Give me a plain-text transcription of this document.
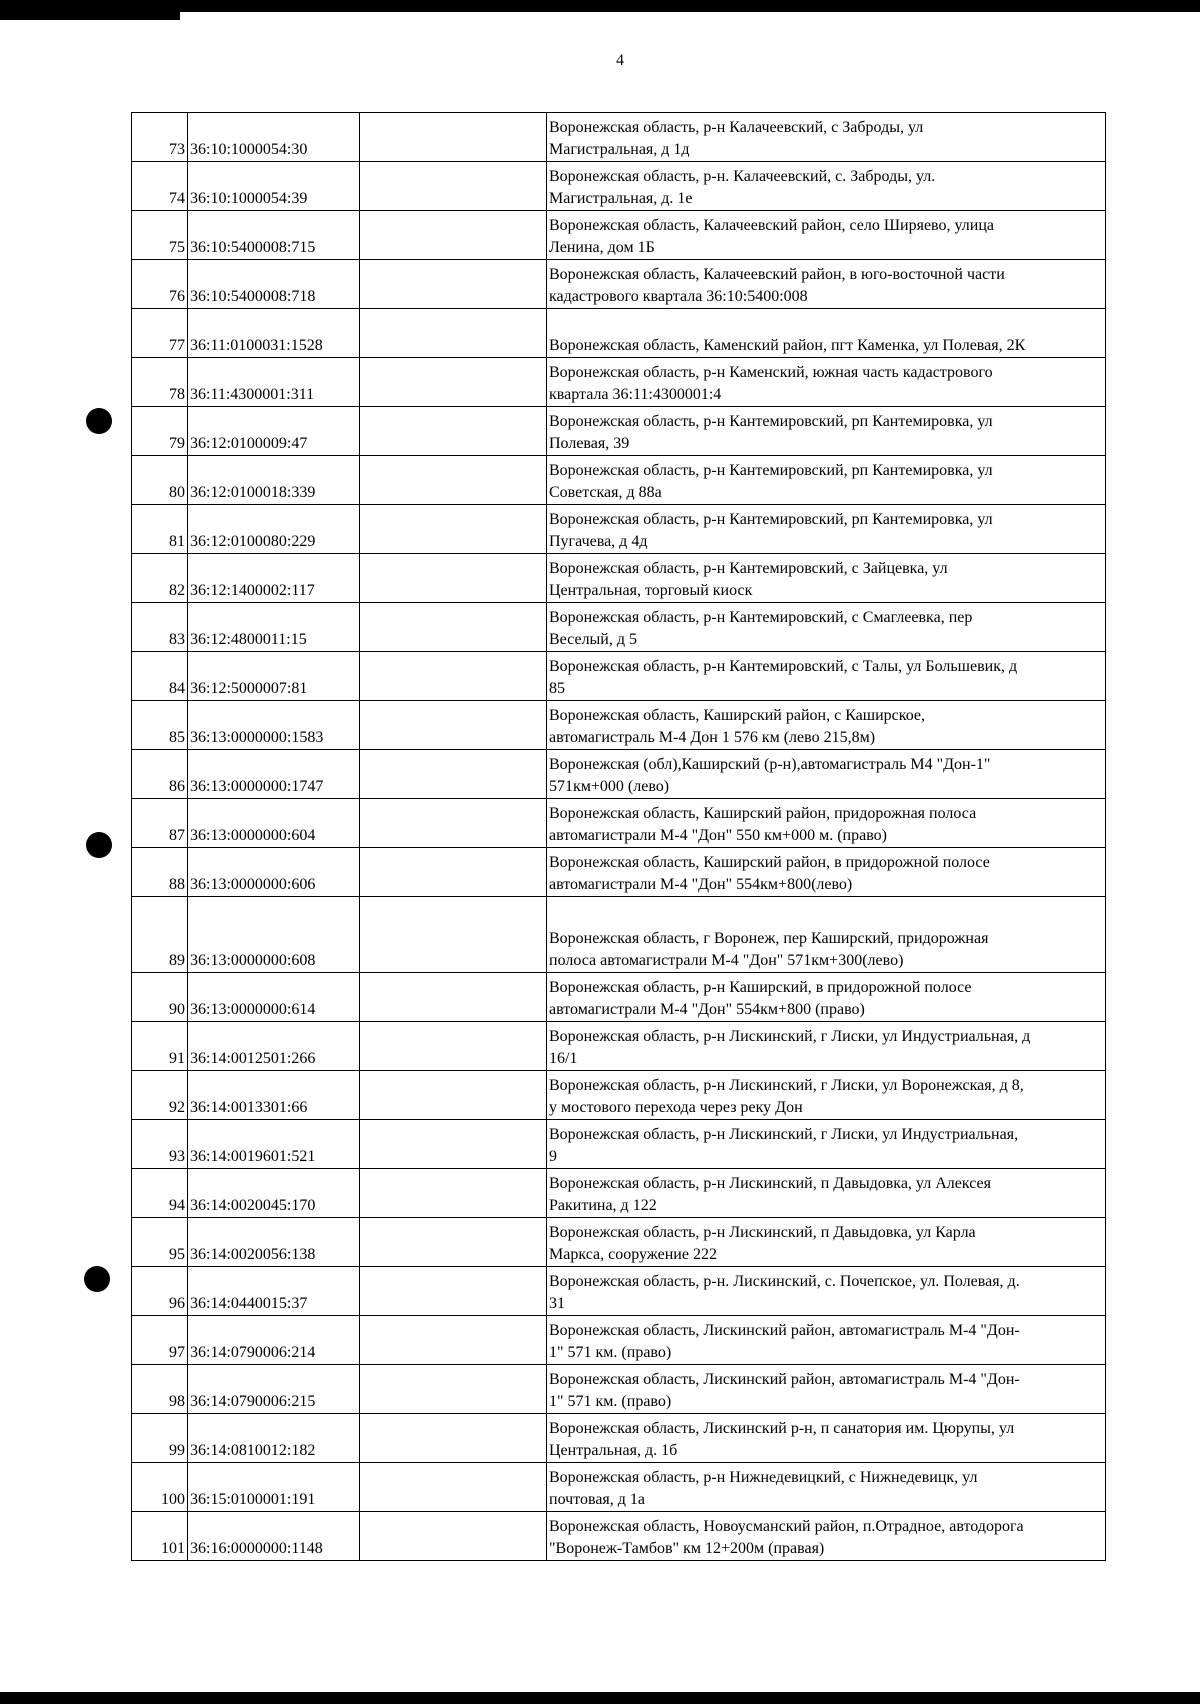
4
73	36:10:1000054:30		Воронежская область, р-н Калачеевский, с Заброды, ул
Магистральная, д 1д
74	36:10:1000054:39		Воронежская область, р-н. Калачеевский, с. Заброды, ул.
Магистральная, д. 1е
75	36:10:5400008:715		Воронежская область, Калачеевский район, село Ширяево, улица
Ленина, дом 1Б
76	36:10:5400008:718		Воронежская область, Калачеевский район, в юго-восточной части
кадастрового квартала 36:10:5400:008
77	36:11:0100031:1528		Воронежская область, Каменский район, пгт Каменка, ул Полевая, 2К
78	36:11:4300001:311		Воронежская область, р-н Каменский, южная часть кадастрового
квартала 36:11:4300001:4
79	36:12:0100009:47		Воронежская область, р-н Кантемировский, рп Кантемировка, ул
Полевая, 39
80	36:12:0100018:339		Воронежская область, р-н Кантемировский, рп Кантемировка, ул
Советская, д 88а
81	36:12:0100080:229		Воронежская область, р-н Кантемировский, рп Кантемировка, ул
Пугачева, д 4д
82	36:12:1400002:117		Воронежская область, р-н Кантемировский, с Зайцевка, ул
Центральная, торговый киоск
83	36:12:4800011:15		Воронежская область, р-н Кантемировский, с Смаглеевка, пер
Веселый, д 5
84	36:12:5000007:81		Воронежская область, р-н Кантемировский, с Талы, ул Большевик, д
85
85	36:13:0000000:1583		Воронежская область, Каширский район, с Каширское,
автомагистраль М-4 Дон 1 576 км (лево 215,8м)
86	36:13:0000000:1747		Воронежская (обл),Каширский (р-н),автомагистраль М4 "Дон-1"
571км+000 (лево)
87	36:13:0000000:604		Воронежская область, Каширский район, придорожная полоса
автомагистрали М-4 "Дон" 550 км+000 м. (право)
88	36:13:0000000:606		Воронежская область, Каширский район, в придорожной полосе
автомагистрали М-4 "Дон" 554км+800(лево)
89	36:13:0000000:608		Воронежская область, г Воронеж, пер Каширский, придорожная
полоса автомагистрали М-4 "Дон" 571км+300(лево)
90	36:13:0000000:614		Воронежская область, р-н Каширский, в придорожной полосе
автомагистрали М-4 "Дон" 554км+800 (право)
91	36:14:0012501:266		Воронежская область, р-н Лискинский, г Лиски, ул Индустриальная, д
16/1
92	36:14:0013301:66		Воронежская область, р-н Лискинский, г Лиски, ул Воронежская, д 8,
у мостового перехода через реку Дон
93	36:14:0019601:521		Воронежская область, р-н Лискинский, г Лиски, ул Индустриальная,
9
94	36:14:0020045:170		Воронежская область, р-н Лискинский, п Давыдовка, ул Алексея
Ракитина, д 122
95	36:14:0020056:138		Воронежская область, р-н Лискинский, п Давыдовка, ул Карла
Маркса, сооружение 222
96	36:14:0440015:37		Воронежская область, р-н. Лискинский, с. Почепское, ул. Полевая, д.
31
97	36:14:0790006:214		Воронежская область, Лискинский район, автомагистраль М-4 "Дон-
1" 571 км. (право)
98	36:14:0790006:215		Воронежская область, Лискинский район, автомагистраль М-4 "Дон-
1" 571 км. (право)
99	36:14:0810012:182		Воронежская область, Лискинский р-н, п санатория им. Цюрупы, ул
Центральная, д. 1б
100	36:15:0100001:191		Воронежская область, р-н Нижнедевицкий, с Нижнедевицк, ул
почтовая, д 1а
101	36:16:0000000:1148		Воронежская область, Новоусманский район, п.Отрадное, автодорога
"Воронеж-Тамбов" км 12+200м (правая)
